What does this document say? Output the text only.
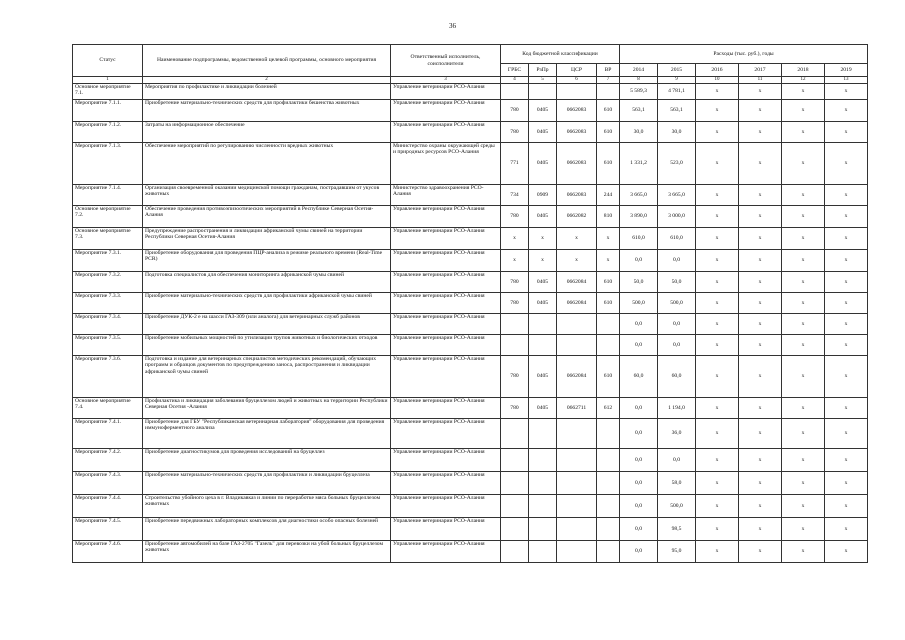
36
Статус	Наименование подпрограммы, ведомственной целевой программы, основного мероприятия	Ответственный исполнитель, соисполнители	Код бюджетной классификации				Расходы (тыс. руб.), годы					
			ГРБС	РзПр	ЦСР	ВР	2014	2015	2016	2017	2018	2019
1	2	3	4	5	6	7	8	9	10	11	12	13
Основное мероприятие 7.1.	Мероприятия по профилактике и ликвидации болезней	Управление ветеринарии РСО-Алания					5 589,3	4 781,1	x	x	x	x
Мероприятие 7.1.1.	Приобретение материально-технических средств для профилактики бешенства животных	Управление ветеринарии РСО-Алания	780	0405	0662083	610	563,1	563,1	x	x	x	x
Мероприятие 7.1.2.	Затраты на информационное обеспечение	Управление ветеринарии РСО-Алания	780	0405	0662083	610	30,0	30,0	x	x	x	x
Мероприятие 7.1.3.	Обеспечение мероприятий по регулированию численности вредных животных	Министерство охраны окружающей среды и природных ресурсов РСО-Алания	771	0405	0662083	610	1 331,2	523,0	x	x	x	x
Мероприятие 7.1.4.	Организация своевременной оказании медицинской помощи гражданам, пострадавшим от укусов животных	Министерство здравоохранения РСО-Алания	734	0909	0662083	244	3 665,0	3 665,0	x	x	x	x
Основное мероприятие 7.2.	Обеспечение проведения противоэпизоотических мероприятий в Республике Северная Осетия-Алания	Управление ветеринарии РСО-Алания	780	0405	0662082	810	3 890,0	3 000,0	x	x	x	x
Основное мероприятие 7.3.	Предупреждение распространения и ликвидации африканской чумы свиней на территории Республики Северная Осетия-Алания	Управление ветеринарии РСО-Алания	x	x	x	x	610,0	610,0	x	x	x	x
Мероприятие 7.3.1.	Приобретение оборудования для проведения ПЦР-анализа в режиме реального времени (Real-Time PCR)	Управление ветеринарии РСО-Алания	x	x	x	x	0,0	0,0	x	x	x	x
Мероприятие 7.3.2.	Подготовка специалистов для обеспечения мониторинга африканской чумы свиней	Управление ветеринарии РСО-Алания	780	0405	0662084	610	50,0	50,0	x	x	x	x
Мероприятие 7.3.3.	Приобретение материально-технических средств для профилактики африканской чумы свиней	Управление ветеринарии РСО-Алания	780	0405	0662084	610	500,0	500,0	x	x	x	x
Мероприятие 7.3.4.	Приобретение ДУК-2 е на шасси ГАЗ-309 (или аналога) для ветеринарных служб районов	Управление ветеринарии РСО-Алания					0,0	0,0	x	x	x	x
Мероприятие 7.3.5.	Приобретение мобильных мощностей по утилизации трупов животных и биологических отходов	Управление ветеринарии РСО-Алания					0,0	0,0	x	x	x	x
Мероприятие 7.3.6.	Подготовка и издание для ветеринарных специалистов методических рекомендаций, обучающих программ и образцов документов по предупреждению заноса, распространения и ликвидации африканской чумы свиней	Управление ветеринарии РСО-Алания	780	0405	0662084	610	60,0	60,0	x	x	x	x
Основное мероприятие 7.4.	Профилактика и ликвидация заболевания бруцеллезом людей и животных на территории Республики Северная Осетия -Алания	Управление ветеринарии РСО-Алания	780	0405	0662711	612	0,0	1 194,0	x	x	x	x
Мероприятие 7.4.1.	Приобретение для ГБУ "Республиканская ветеринарная лаборатория" оборудования для проведения иммуноферментного анализа	Управление ветеринарии РСО-Алания					0,0	36,0	x	x	x	x
Мероприятие 7.4.2.	Приобретение диагностикумов для проведения исследований на бруцеллез	Управление ветеринарии РСО-Алания					0,0	0,0	x	x	x	x
Мероприятие 7.4.3.	Приобретение материально-технических средств для профилактики и ликвидации бруцеллеза	Управление ветеринарии РСО-Алания					0,0	58,0	x	x	x	x
Мероприятие 7.4.4.	Строительство убойного цеха в г. Владикавказ и линии по переработке мяса больных бруцеллезом животных	Управление ветеринарии РСО-Алания					0,0	500,0	x	x	x	x
Мероприятие 7.4.5.	Приобретение передвижных лабораторных комплексов для диагностики особо опасных болезней	Управление ветеринарии РСО-Алания					0,0	98,5	x	x	x	x
Мероприятие 7.4.6.	Приобретение автомобилей на базе ГАЗ-2705 "Газель" для перевозки на убой больных бруцеллезом животных	Управление ветеринарии РСО-Алания					0,0	95,0	x	x	x	x
